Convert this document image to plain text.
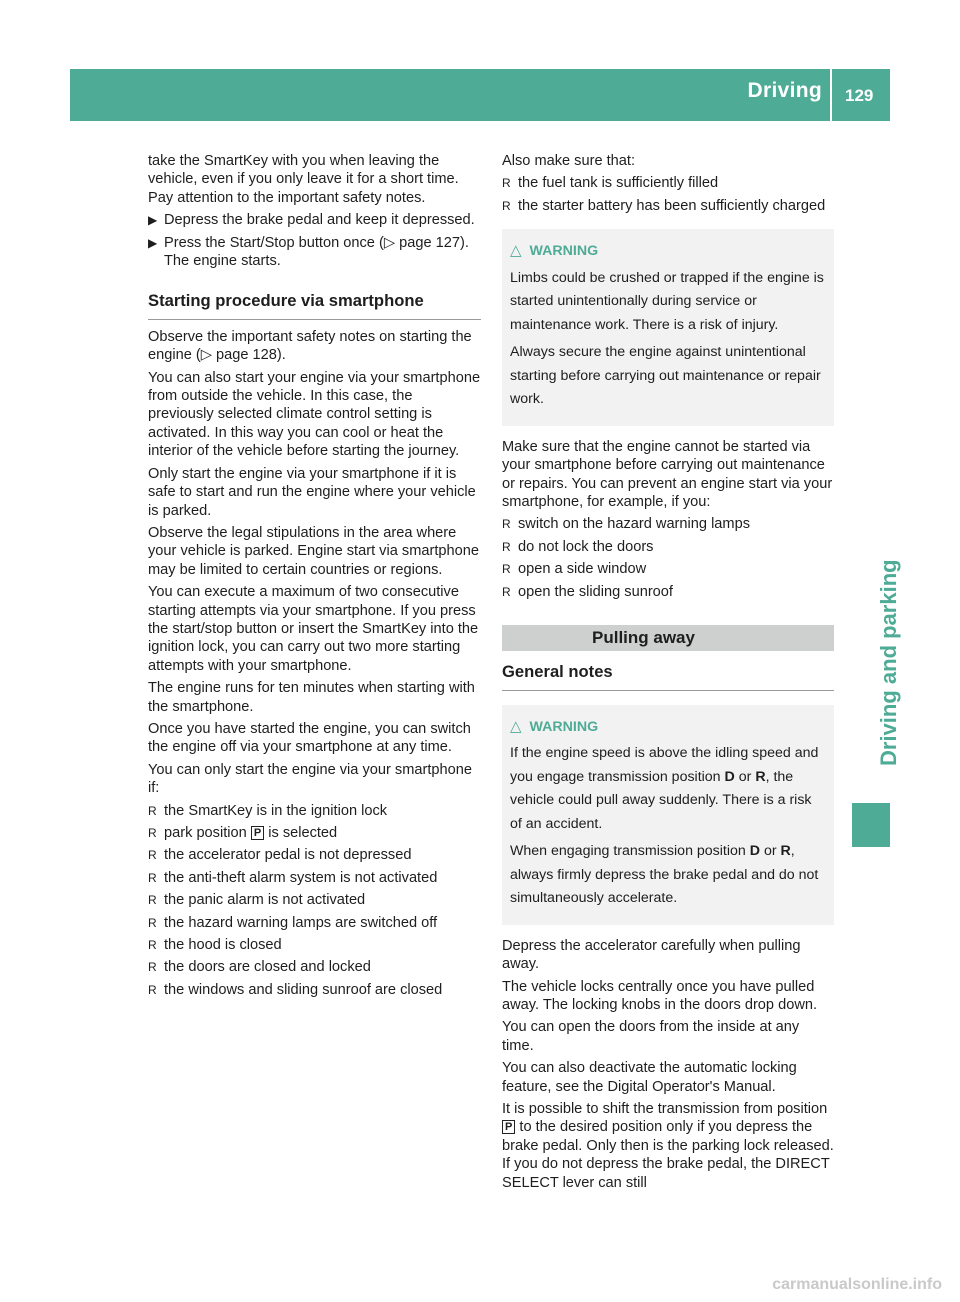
Driving 129
Driving and parking

take the SmartKey with you when leaving the vehicle, even if you only leave it for a short time. Pay attention to the important safety notes.

▶ Depress the brake pedal and keep it depressed.
▶ Press the Start/Stop button once (▷ page 127).
The engine starts.
Starting procedure via smartphone

Observe the important safety notes on starting the engine (▷ page 128).

You can also start your engine via your smartphone from outside the vehicle. In this case, the previously selected climate control setting is activated. In this way you can cool or heat the interior of the vehicle before starting the journey.

Only start the engine via your smartphone if it is safe to start and run the engine where your vehicle is parked.

Observe the legal stipulations in the area where your vehicle is parked. Engine start via smartphone may be limited to certain countries or regions.

You can execute a maximum of two consecutive starting attempts via your smartphone. If you press the start/stop button or insert the SmartKey into the ignition lock, you can carry out two more starting attempts with your smartphone.

The engine runs for ten minutes when starting with the smartphone.

Once you have started the engine, you can switch the engine off via your smartphone at any time.

You can only start the engine via your smartphone if:

R the SmartKey is in the ignition lock
R park position P is selected
R the accelerator pedal is not depressed
R the anti-theft alarm system is not activated
R the panic alarm is not activated
R the hazard warning lamps are switched off
R the hood is closed
R the doors are closed and locked
R the windows and sliding sunroof are closed

Also make sure that:

R the fuel tank is sufficiently filled
R the starter battery has been sufficiently charged
△ WARNING

Limbs could be crushed or trapped if the engine is started unintentionally during service or maintenance work. There is a risk of injury.

Always secure the engine against unintentional starting before carrying out maintenance or repair work.

Make sure that the engine cannot be started via your smartphone before carrying out maintenance or repairs. You can prevent an engine start via your smartphone, for example, if you:

R switch on the hazard warning lamps
R do not lock the doors
R open a side window
R open the sliding sunroof
Pulling away
General notes
△ WARNING

If the engine speed is above the idling speed and you engage transmission position D or R, the vehicle could pull away suddenly. There is a risk of an accident.

When engaging transmission position D or R, always firmly depress the brake pedal and do not simultaneously accelerate.

Depress the accelerator carefully when pulling away.

The vehicle locks centrally once you have pulled away. The locking knobs in the doors drop down.

You can open the doors from the inside at any time.

You can also deactivate the automatic locking feature, see the Digital Operator's Manual.

It is possible to shift the transmission from position P to the desired position only if you depress the brake pedal. Only then is the parking lock released. If you do not depress the brake pedal, the DIRECT SELECT lever can still

carmanualsonline.info
